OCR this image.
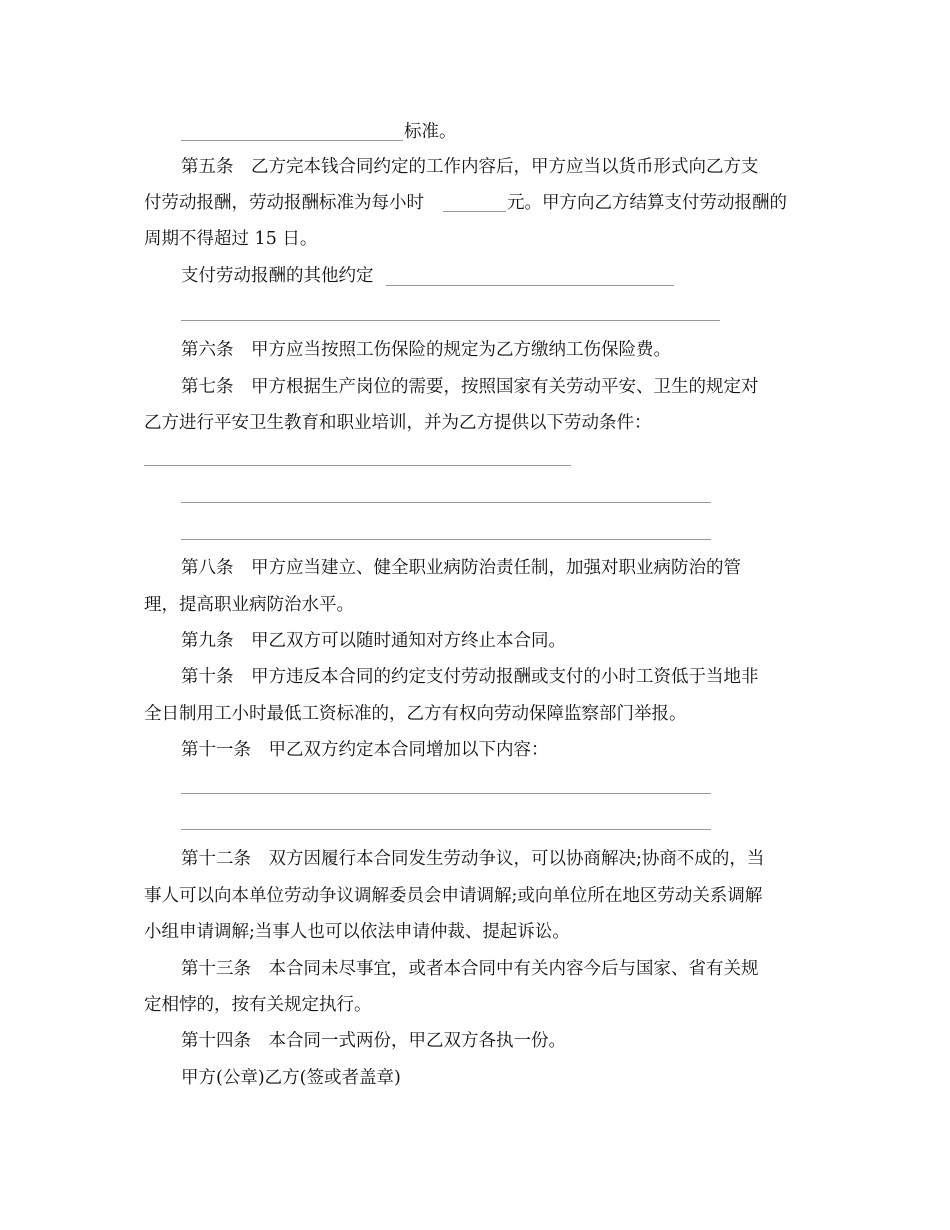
标准。
第五条　乙方完本钱合同约定的工作内容后，甲方应当以货币形式向乙方支
付劳动报酬，劳动报酬标准为每小时	元。甲方向乙方结算支付劳动报酬的
周期不得超过 15 日。
支付劳动报酬的其他约定
第六条　甲方应当按照工伤保险的规定为乙方缴纳工伤保险费。
第七条　甲方根据生产岗位的需要，按照国家有关劳动平安、卫生的规定对
乙方进行平安卫生教育和职业培训，并为乙方提供以下劳动条件：
第八条　甲方应当建立、健全职业病防治责任制，加强对职业病防治的管
理，提高职业病防治水平。
第九条　甲乙双方可以随时通知对方终止本合同。
第十条　甲方违反本合同的约定支付劳动报酬或支付的小时工资低于当地非
全日制用工小时最低工资标准的，乙方有权向劳动保障监察部门举报。
第十一条　甲乙双方约定本合同增加以下内容：
第十二条　双方因履行本合同发生劳动争议，可以协商解决;协商不成的，当
事人可以向本单位劳动争议调解委员会申请调解;或向单位所在地区劳动关系调解
小组申请调解;当事人也可以依法申请仲裁、提起诉讼。
第十三条　本合同未尽事宜，或者本合同中有关内容今后与国家、省有关规
定相悖的，按有关规定执行。
第十四条　本合同一式两份，甲乙双方各执一份。
甲方(公章)乙方(签或者盖章)
